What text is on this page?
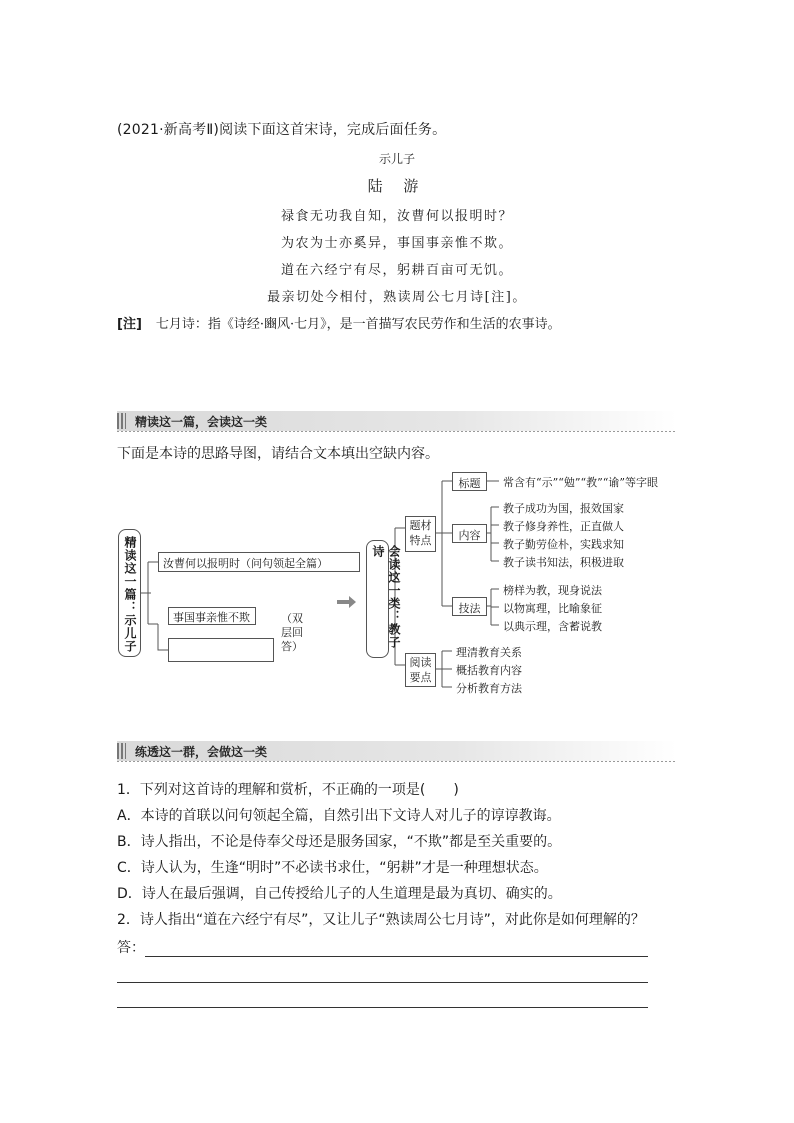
(2021·新高考Ⅱ)阅读下面这首宋诗，完成后面任务。
示儿子
陆 游
禄食无功我自知，汝曹何以报明时？
为农为士亦奚异，事国事亲惟不欺。
道在六经宁有尽，躬耕百亩可无饥。
最亲切处今相付，熟读周公七月诗[注]。
[注] 七月诗：指《诗经·豳风·七月》，是一首描写农民劳作和生活的农事诗。
精读这一篇，会读这一类
下面是本诗的思路导图，请结合文本填出空缺内容。
精读这一篇：示儿子	汝曹何以报明时（问句领起全篇）
事国事亲惟不欺	（双层回答）	会读这一类：教子诗
题材特点
标题
内容
技法
阅读要点
常含有“示”“勉”“教”“谕”等字眼
教子成功为国，报效国家
教子修身养性，正直做人
教子勤劳俭朴，实践求知
教子读书知法，积极进取
榜样为教，现身说法
以物寓理，比喻象征
以典示理，含蓄说教
理清教育关系
概括教育内容
分析教育方法
练透这一群，会做这一类
1．下列对这首诗的理解和赏析，不正确的一项是(　　)
A．本诗的首联以问句领起全篇，自然引出下文诗人对儿子的谆谆教诲。
B．诗人指出，不论是侍奉父母还是服务国家，“不欺”都是至关重要的。
C．诗人认为，生逢“明时”不必读书求仕，“躬耕”才是一种理想状态。
D．诗人在最后强调，自己传授给儿子的人生道理是最为真切、确实的。
2．诗人指出“道在六经宁有尽”，又让儿子“熟读周公七月诗”，对此你是如何理解的？
答：
